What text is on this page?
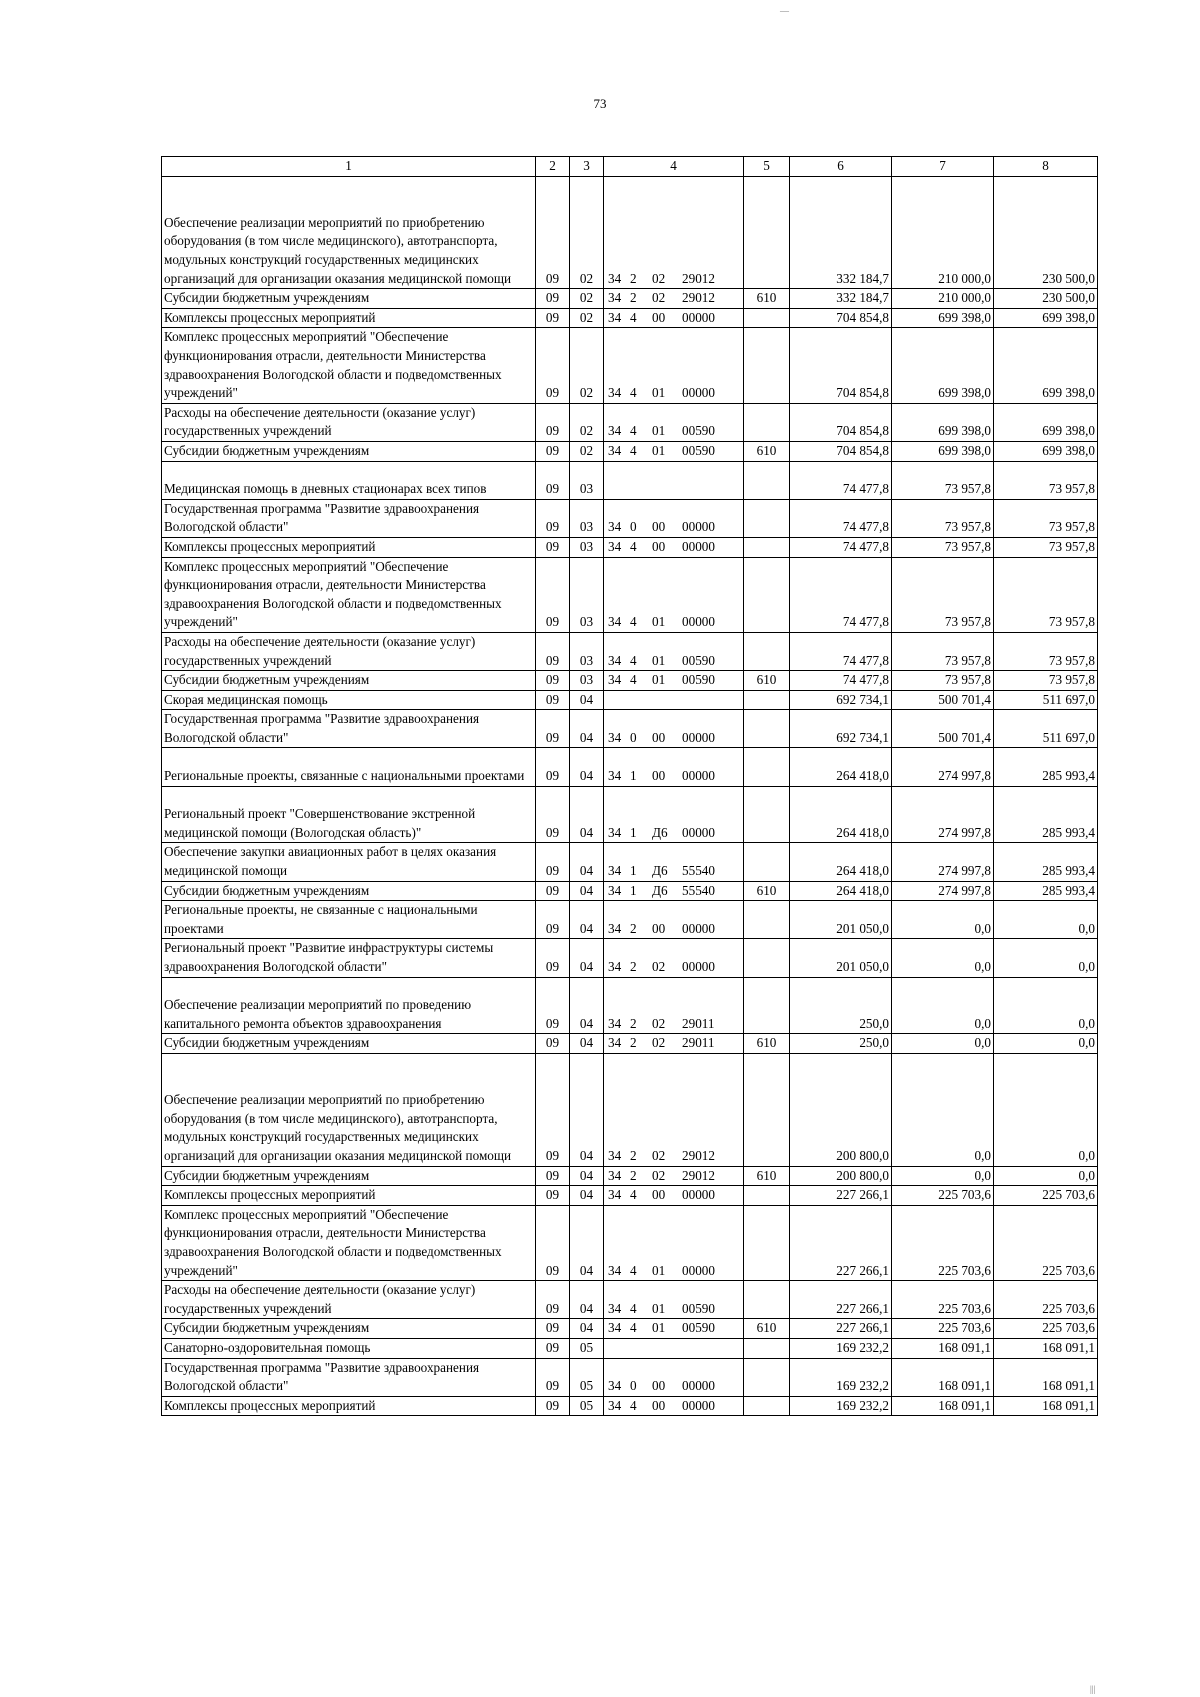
73
1	2	3	4	5	6	7	8
Обеспечение реализации мероприятий по приобретению оборудования (в том числе медицинского), автотранспорта, модульных конструкций государственных медицинских организаций для организации оказания медицинской помощи	09	02	34 2 02 29012		332 184,7	210 000,0	230 500,0
Субсидии бюджетным учреждениям	09	02	34 2 02 29012	610	332 184,7	210 000,0	230 500,0
Комплексы процессных мероприятий	09	02	34 4 00 00000		704 854,8	699 398,0	699 398,0
Комплекс процессных мероприятий "Обеспечение функционирования отрасли, деятельности Министерства здравоохранения Вологодской области и подведомственных учреждений"	09	02	34 4 01 00000		704 854,8	699 398,0	699 398,0
Расходы на обеспечение деятельности (оказание услуг) государственных учреждений	09	02	34 4 01 00590		704 854,8	699 398,0	699 398,0
Субсидии бюджетным учреждениям	09	02	34 4 01 00590	610	704 854,8	699 398,0	699 398,0
Медицинская помощь в дневных стационарах всех типов	09	03			74 477,8	73 957,8	73 957,8
Государственная программа "Развитие здравоохранения Вологодской области"	09	03	34 0 00 00000		74 477,8	73 957,8	73 957,8
Комплексы процессных мероприятий	09	03	34 4 00 00000		74 477,8	73 957,8	73 957,8
Комплекс процессных мероприятий "Обеспечение функционирования отрасли, деятельности Министерства здравоохранения Вологодской области и подведомственных учреждений"	09	03	34 4 01 00000		74 477,8	73 957,8	73 957,8
Расходы на обеспечение деятельности (оказание услуг) государственных учреждений	09	03	34 4 01 00590		74 477,8	73 957,8	73 957,8
Субсидии бюджетным учреждениям	09	03	34 4 01 00590	610	74 477,8	73 957,8	73 957,8
Скорая медицинская помощь	09	04			692 734,1	500 701,4	511 697,0
Государственная программа "Развитие здравоохранения Вологодской области"	09	04	34 0 00 00000		692 734,1	500 701,4	511 697,0
Региональные проекты, связанные с национальными проектами	09	04	34 1 00 00000		264 418,0	274 997,8	285 993,4
Региональный проект "Совершенствование экстренной медицинской помощи (Вологодская область)"	09	04	34 1 Д6 00000		264 418,0	274 997,8	285 993,4
Обеспечение закупки авиационных работ в целях оказания медицинской помощи	09	04	34 1 Д6 55540		264 418,0	274 997,8	285 993,4
Субсидии бюджетным учреждениям	09	04	34 1 Д6 55540	610	264 418,0	274 997,8	285 993,4
Региональные проекты, не связанные с национальными проектами	09	04	34 2 00 00000		201 050,0	0,0	0,0
Региональный проект "Развитие инфраструктуры системы здравоохранения Вологодской области"	09	04	34 2 02 00000		201 050,0	0,0	0,0
Обеспечение реализации мероприятий по проведению капитального ремонта объектов здравоохранения	09	04	34 2 02 29011		250,0	0,0	0,0
Субсидии бюджетным учреждениям	09	04	34 2 02 29011	610	250,0	0,0	0,0
Обеспечение реализации мероприятий по приобретению оборудования (в том числе медицинского), автотранспорта, модульных конструкций государственных медицинских организаций для организации оказания медицинской помощи	09	04	34 2 02 29012		200 800,0	0,0	0,0
Субсидии бюджетным учреждениям	09	04	34 2 02 29012	610	200 800,0	0,0	0,0
Комплексы процессных мероприятий	09	04	34 4 00 00000		227 266,1	225 703,6	225 703,6
Комплекс процессных мероприятий "Обеспечение функционирования отрасли, деятельности Министерства здравоохранения Вологодской области и подведомственных учреждений"	09	04	34 4 01 00000		227 266,1	225 703,6	225 703,6
Расходы на обеспечение деятельности (оказание услуг) государственных учреждений	09	04	34 4 01 00590		227 266,1	225 703,6	225 703,6
Субсидии бюджетным учреждениям	09	04	34 4 01 00590	610	227 266,1	225 703,6	225 703,6
Санаторно-оздоровительная помощь	09	05			169 232,2	168 091,1	168 091,1
Государственная программа "Развитие здравоохранения Вологодской области"	09	05	34 0 00 00000		169 232,2	168 091,1	168 091,1
Комплексы процессных мероприятий	09	05	34 4 00 00000		169 232,2	168 091,1	168 091,1
—
|||
